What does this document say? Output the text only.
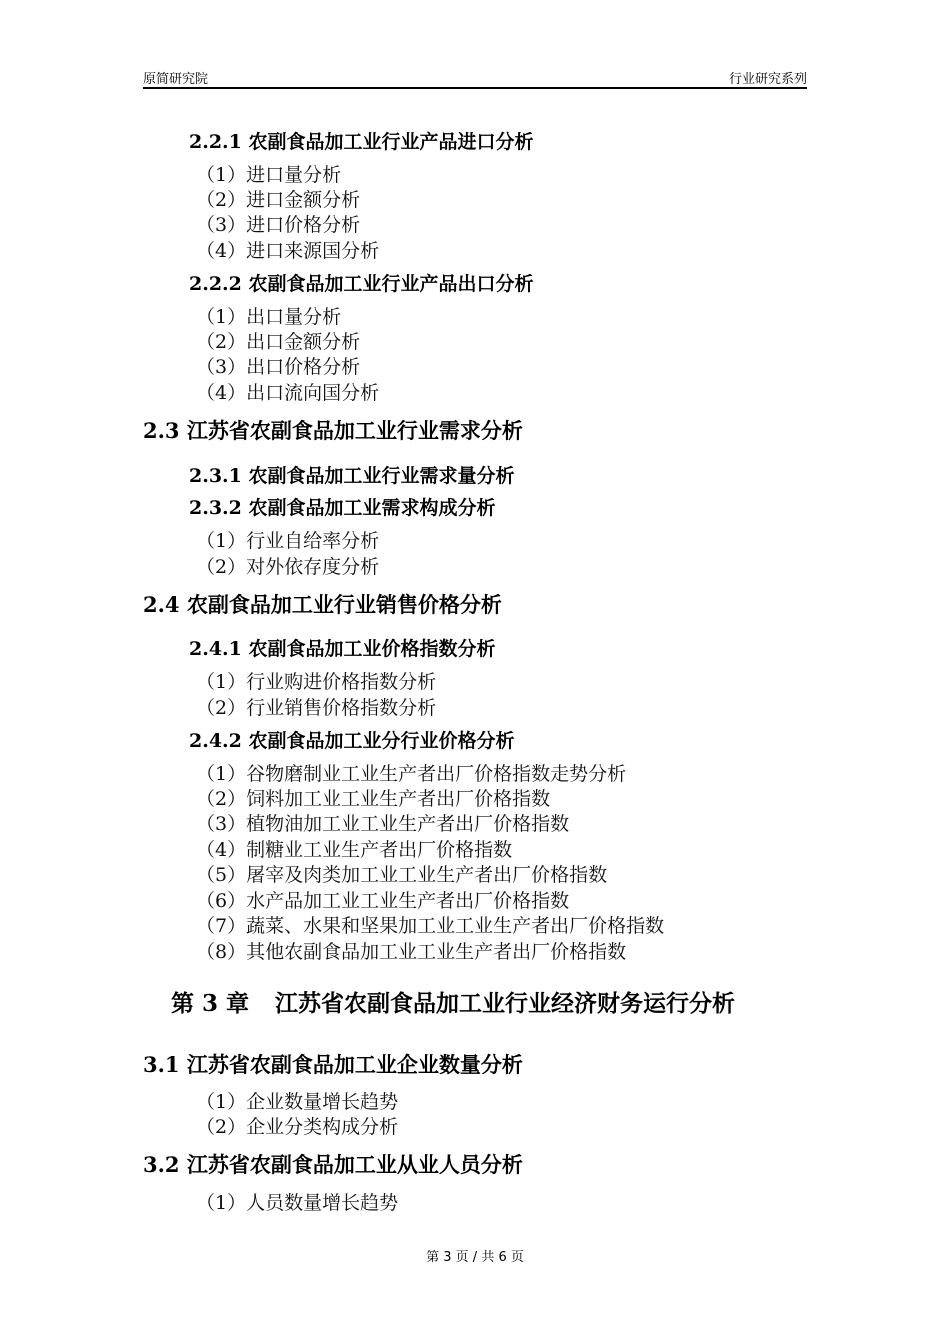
原简研究院	行业研究系列
2.2.1 农副食品加工业行业产品进口分析
（1）进口量分析
（2）进口金额分析
（3）进口价格分析
（4）进口来源国分析
2.2.2 农副食品加工业行业产品出口分析
（1）出口量分析
（2）出口金额分析
（3）出口价格分析
（4）出口流向国分析
2.3 江苏省农副食品加工业行业需求分析
2.3.1 农副食品加工业行业需求量分析
2.3.2 农副食品加工业需求构成分析
（1）行业自给率分析
（2）对外依存度分析
2.4 农副食品加工业行业销售价格分析
2.4.1 农副食品加工业价格指数分析
（1）行业购进价格指数分析
（2）行业销售价格指数分析
2.4.2 农副食品加工业分行业价格分析
（1）谷物磨制业工业生产者出厂价格指数走势分析
（2）饲料加工业工业生产者出厂价格指数
（3）植物油加工业工业生产者出厂价格指数
（4）制糖业工业生产者出厂价格指数
（5）屠宰及肉类加工业工业生产者出厂价格指数
（6）水产品加工业工业生产者出厂价格指数
（7）蔬菜、水果和坚果加工业工业生产者出厂价格指数
（8）其他农副食品加工业工业生产者出厂价格指数
第 3 章 江苏省农副食品加工业行业经济财务运行分析
3.1 江苏省农副食品加工业企业数量分析
（1）企业数量增长趋势
（2）企业分类构成分析
3.2 江苏省农副食品加工业从业人员分析
（1）人员数量增长趋势
第 3 页 / 共 6 页
